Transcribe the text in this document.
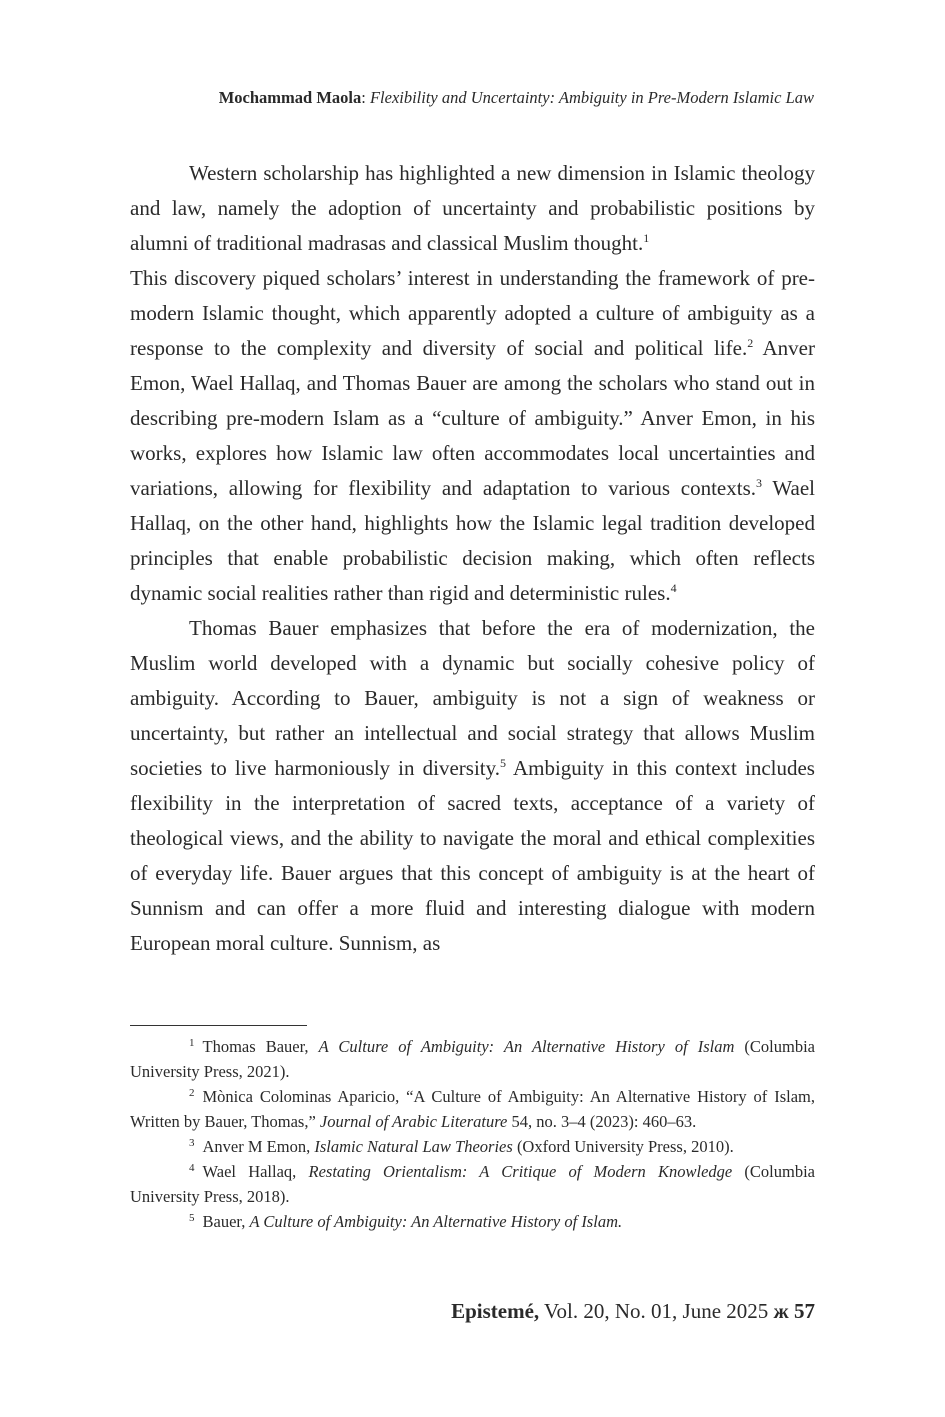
Mochammad Maola: Flexibility and Uncertainty: Ambiguity in Pre-Modern Islamic Law

Western scholarship has highlighted a new dimension in Islamic theology and law, namely the adoption of uncertainty and probabilistic positions by alumni of traditional madrasas and classical Muslim thought.$^1$
This discovery piqued scholars’ interest in understanding the framework of pre-modern Islamic thought, which apparently adopted a culture of ambiguity as a response to the complexity and diversity of social and political life.$^2$ Anver Emon, Wael Hallaq, and Thomas Bauer are among the scholars who stand out in describing pre-modern Islam as a “culture of ambiguity.” Anver Emon, in his works, explores how Islamic law often accommodates local uncertainties and variations, allowing for flexibility and adaptation to various contexts.$^3$ Wael Hallaq, on the other hand, highlights how the Islamic legal tradition developed principles that enable probabilistic decision making, which often reflects dynamic social realities rather than rigid and deterministic rules.$^4$

Thomas Bauer emphasizes that before the era of modernization, the Muslim world developed with a dynamic but socially cohesive policy of ambiguity. According to Bauer, ambiguity is not a sign of weakness or uncertainty, but rather an intellectual and social strategy that allows Muslim societies to live harmoniously in diversity.$^5$ Ambiguity in this context includes flexibility in the interpretation of sacred texts, acceptance of a variety of theological views, and the ability to navigate the moral and ethical complexities of everyday life. Bauer argues that this concept of ambiguity is at the heart of Sunnism and can offer a more fluid and interesting dialogue with modern European moral culture. Sunnism, as

$^1$ Thomas Bauer, A Culture of Ambiguity: An Alternative History of Islam (Columbia University Press, 2021).

$^2$ Mònica Colominas Aparicio, “A Culture of Ambiguity: An Alternative History of Islam, Written by Bauer, Thomas,” Journal of Arabic Literature 54, no. 3–4 (2023): 460–63.

$^3$ Anver M Emon, Islamic Natural Law Theories (Oxford University Press, 2010).

$^4$ Wael Hallaq, Restating Orientalism: A Critique of Modern Knowledge (Columbia University Press, 2018).

$^5$ Bauer, A Culture of Ambiguity: An Alternative History of Islam.

Epistemé, Vol. 20, No. 01, June 2025 ж 57
